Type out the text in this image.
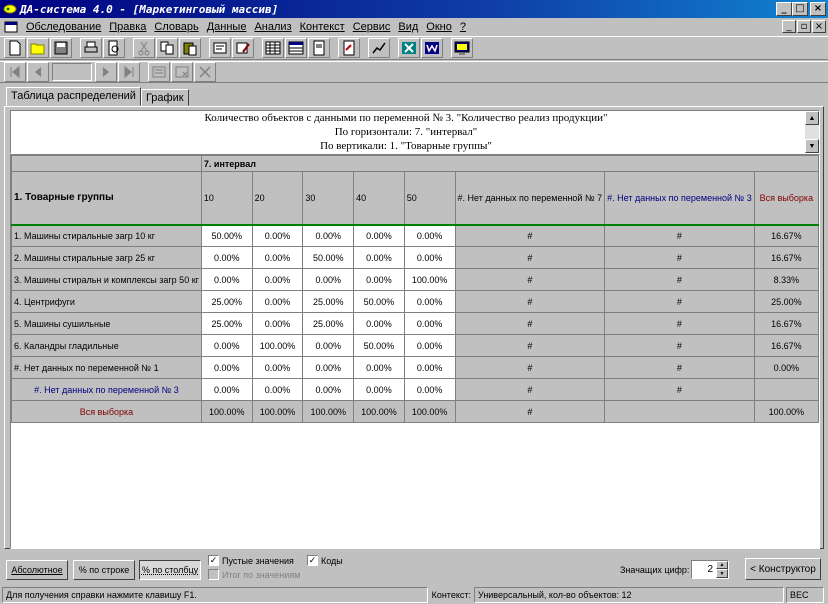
ДА-система 4.0 - [Маркетинговый массив]	_ □ ×
Обследование Правка Словарь Данные Анализ Контекст Сервис Вид Окно ?	_ ▫ ×
Таблица распределений График
Количество объектов с данными по переменной № 3. "Количество реализ продукции"
По горизонтали: 7. "интервал"
По вертикали: 1. "Товарные группы"
▲
▼
	7. интервал							
1. Товарные группы	10	20	30	40	50	#. Нет данных по переменной № 7	#. Нет данных по переменной № 3	Вся выборка
1. Машины стиральные загр 10 кг	50.00%	0.00%	0.00%	0.00%	0.00%	#	#	16.67%
2. Машины стиральные загр 25 кг	0.00%	0.00%	50.00%	0.00%	0.00%	#	#	16.67%
3. Машины стиральн и комплексы загр 50 кг	0.00%	0.00%	0.00%	0.00%	100.00%	#	#	8.33%
4. Центрифуги	25.00%	0.00%	25.00%	50.00%	0.00%	#	#	25.00%
5. Машины сушильные	25.00%	0.00%	25.00%	0.00%	0.00%	#	#	16.67%
6. Каландры гладильные	0.00%	100.00%	0.00%	50.00%	0.00%	#	#	16.67%
#. Нет данных по переменной № 1	0.00%	0.00%	0.00%	0.00%	0.00%	#	#	0.00%
#. Нет данных по переменной № 3	0.00%	0.00%	0.00%	0.00%	0.00%	#	#	
Вся выборка	100.00%	100.00%	100.00%	100.00%	100.00%	#		100.00%
Абсолютное % по строке % по столбцу
✓ Пустые значения ✓ Коды
Итог по значениям	Значащих цифр: 2	▲
▼	< Конструктор
Для получения справки нажмите клавишу F1.	Контекст: Универсальный, кол-во объектов: 12	ВЕС
